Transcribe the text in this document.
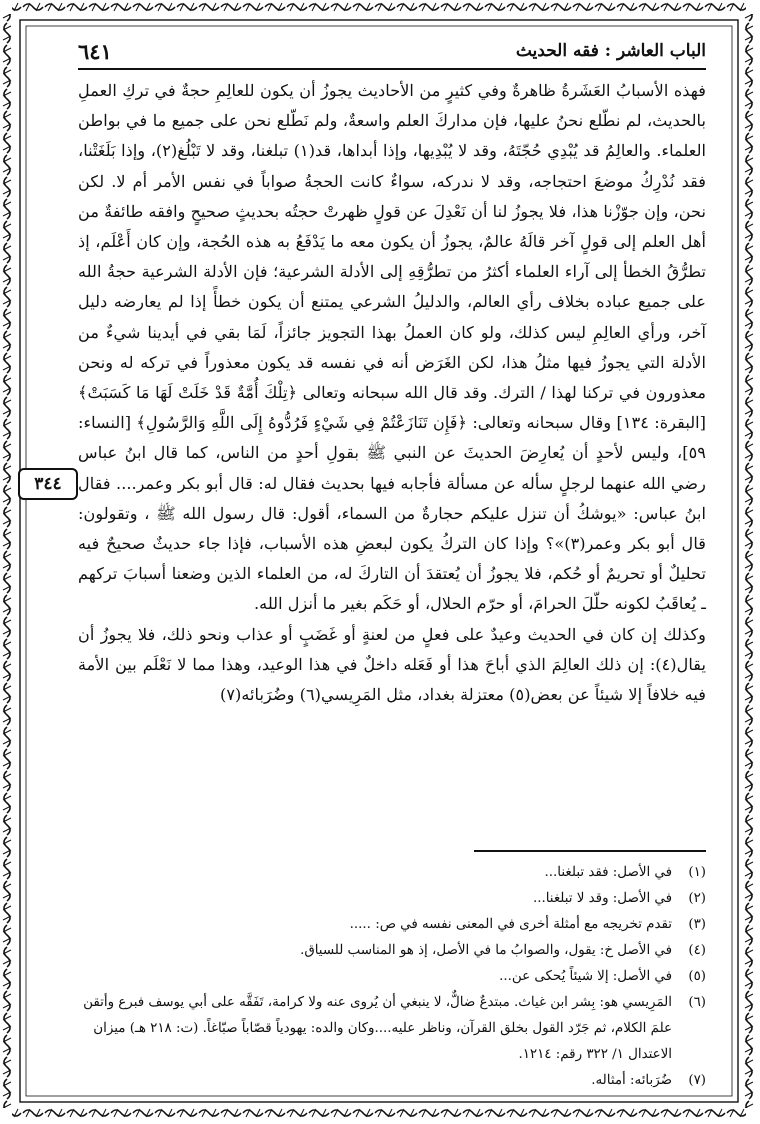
الباب العاشر : فقه الحديث
٦٤١
٣٤٤

فهذه الأسبابُ العَشَرةُ ظاهرةٌ وفي كثيرٍ من الأحاديث يجوزُ أن يكون للعالِمِ حجةٌ في تركِ العملِ بالحديث، لم نطّلع نحنُ عليها، فإن مداركَ العلم واسعةٌ، ولم نَطّلع نحن على جميع ما في بواطن العلماء. والعالِمُ قد يُبْدِي حُجّتَهُ، وقد لا يُبْدِيها، وإذا أبداها، قد(١) تبلغنا، وقد لا تَبْلُغ(٢)، وإذا بَلَغَتْنا، فقد نُدْرِكُ موضعَ احتجاجه، وقد لا ندركه، سواءٌ كانت الحجةُ صواباً في نفس الأمر أم لا. لكن نحن، وإن جوّزْنا هذا، فلا يجوزُ لنا أن نَعْدِلَ عن قولٍ ظهرتْ حجتُه بحديثٍ صحيحٍ وافقه طائفةٌ من أهل العلم إلى قولٍ آخر قالَهُ عالمٌ، يجوزُ أن يكون معه ما يَدْفَعُ به هذه الحُجة، وإن كان أَعْلَم، إذ تطرُّقُ الخطأ إلى آراء العلماء أكثرُ من تطرُّقِهِ إلى الأدلة الشرعية؛ فإن الأدلة الشرعية حجةُ الله على جميع عباده بخلاف رأي العالم، والدليلُ الشرعي يمتنع أن يكون خطأً إذا لم يعارضه دليل آخر، ورأي العالِمِ ليس كذلك، ولو كان العملُ بهذا التجويز جائزاً، لَمَا بقي في أيدينا شيءٌ من الأدلة التي يجوزُ فيها مثلُ هذا، لكن الغَرَض أنه في نفسه قد يكون معذوراً في تركه له ونحن معذورون في تركنا لهذا / الترك. وقد قال الله سبحانه وتعالى ﴿تِلْكَ أُمَّةٌ قَدْ خَلَتْ لَهَا مَا كَسَبَتْ﴾ [البقرة: ١٣٤] وقال سبحانه وتعالى: ﴿فَإِن تَنَازَعْتُمْ فِي شَيْءٍ فَرُدُّوهُ إِلَى اللَّهِ وَالرَّسُولِ﴾ [النساء: ٥٩]، وليس لأحدٍ أن يُعارِضَ الحديثَ عن النبي ﷺ بقولِ أحدٍ من الناس، كما قال ابنُ عباس رضي الله عنهما لرجلٍ سأله عن مسألة فأجابه فيها بحديث فقال له: قال أبو بكر وعمر.... فقال ابنُ عباس: «يوشكُ أن تنزل عليكم حجارةٌ من السماء، أقول: قال رسول الله ﷺ ، وتقولون: قال أبو بكر وعمر(٣)»؟ وإذا كان التركُ يكون لبعضِ هذه الأسباب، فإذا جاء حديثٌ صحيحٌ فيه تحليلٌ أو تحريمٌ أو حُكم، فلا يجوزُ أن يُعتقدَ أن التاركَ له، من العلماء الذين وضعنا أسبابَ تركهم ـ يُعاقَبُ لكونه حلّلَ الحرامَ، أو حرّم الحلال، أو حَكَم بغير ما أنزل الله.

وكذلك إن كان في الحديث وعيدٌ على فعلٍ من لعنةٍ أو غَضَبٍ أو عذاب ونحو ذلك، فلا يجوزُ أن يقال(٤): إن ذلك العالِمَ الذي أباحَ هذا أو فَعَله داخلٌ في هذا الوعيد، وهذا مما لا نَعْلَم بين الأمة فيه خلافاً إلا شيئاً عن بعض(٥) معتزلة بغداد، مثل المَرِيسي(٦) وضُرَبائه(٧)

(١)
في الأصل: فقد تبلغنا...
(٢)
في الأصل: وقد لا تبلغنا...
(٣)
تقدم تخريجه مع أمثلة أخرى في المعنى نفسه في ص: .....
(٤)
في الأصل خ: يقول، والصوابُ ما في الأصل، إذ هو المناسب للسياق.
(٥)
في الأصل: إلا شيئاً يُحكى عن...
(٦)
المَرِيسي هو: بِشر ابن غياث. مبتدعٌ ضالٌّ، لا ينبغي أن يُروى عنه ولا كرامة، تَفَقَّه على أبي يوسف فبرع وأتقن علمَ الكلام، ثم جَرّد القول بخلق القرآن، وناظر عليه....وكان والده: يهودياً قصّاباً صبّاغاً. (ت: ٢١٨ هـ) ميزان الاعتدال ١/ ٣٢٢ رقم: ١٢١٤.
(٧)
ضُرَبائه: أمثاله.
